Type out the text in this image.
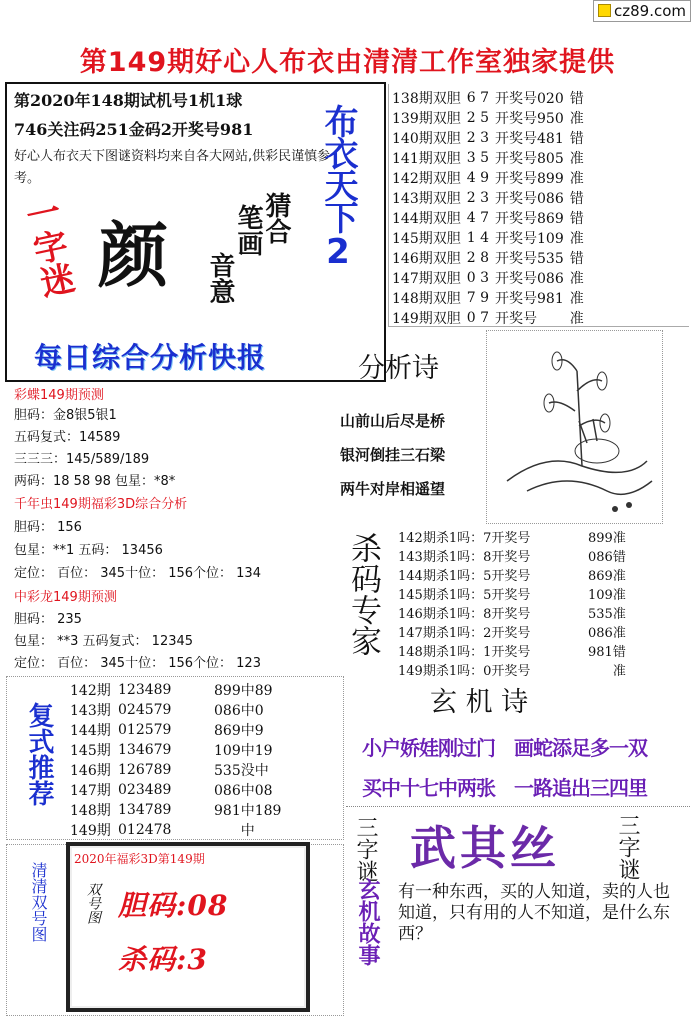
cz89.com
第149期好心人布衣由清清工作室独家提供
第2020年148期试机号1机1球
746关注码251金码2开奖号981
好心人布衣天下图谜资料均来自各大网站,供彩民谨慎参考。
一字迷 颜	猜合
笔画
音意
布衣天下2
每日综合分析快报
彩蝶149期预测
胆码：金8银5银1
五码复式：14589
三三三：145/589/189
两码：18 58 98 包星：*8*
千年虫149期福彩3D综合分析
胆码： 156
包星：**1 五码： 13456
定位： 百位： 345十位： 156个位： 134
中彩龙149期预测
胆码： 235
包星： **3 五码复式： 12345
定位： 百位： 345十位： 156个位： 123
138期双胆	6 7	开奖号020	错
139期双胆	2 5	开奖号950	准
140期双胆	2 3	开奖号481	错
141期双胆	3 5	开奖号805	准
142期双胆	4 9	开奖号899	准
143期双胆	2 3	开奖号086	错
144期双胆	4 7	开奖号869	错
145期双胆	1 4	开奖号109	准
146期双胆	2 8	开奖号535	错
147期双胆	0 3	开奖号086	准
148期双胆	7 9	开奖号981	准
149期双胆	0 7	开奖号	准
分析诗
山前山后尽是桥
银河倒挂三石梁
两牛对岸相遥望
杀码专家 142期杀1吗：7开奖号	899准
143期杀1吗：8开奖号	086错
144期杀1吗：5开奖号	869准
145期杀1吗：5开奖号	109准
146期杀1吗：8开奖号	535准
147期杀1吗：2开奖号	086准
148期杀1吗：1开奖号	981错
149期杀1吗：0开奖号	准
玄 机 诗
小户娇娃刚过门　画蛇添足多一双
买中十七中两张　一路追出三四里
复式推荐
142期	123489	899中89
143期	024579	086中0
144期	012579	869中9
145期	134679	109中19
146期	126789	535没中
147期	023489	086中08
148期	134789	981中189
149期	012478	中	三字谜 武其丝	三字谜
清清双号图
2020年福彩3D第149期
双号图 胆码:08
杀码:3	玄机故事 有一种东西，买的人知道，卖的人也知道，只有用的人不知道，是什么东西？
